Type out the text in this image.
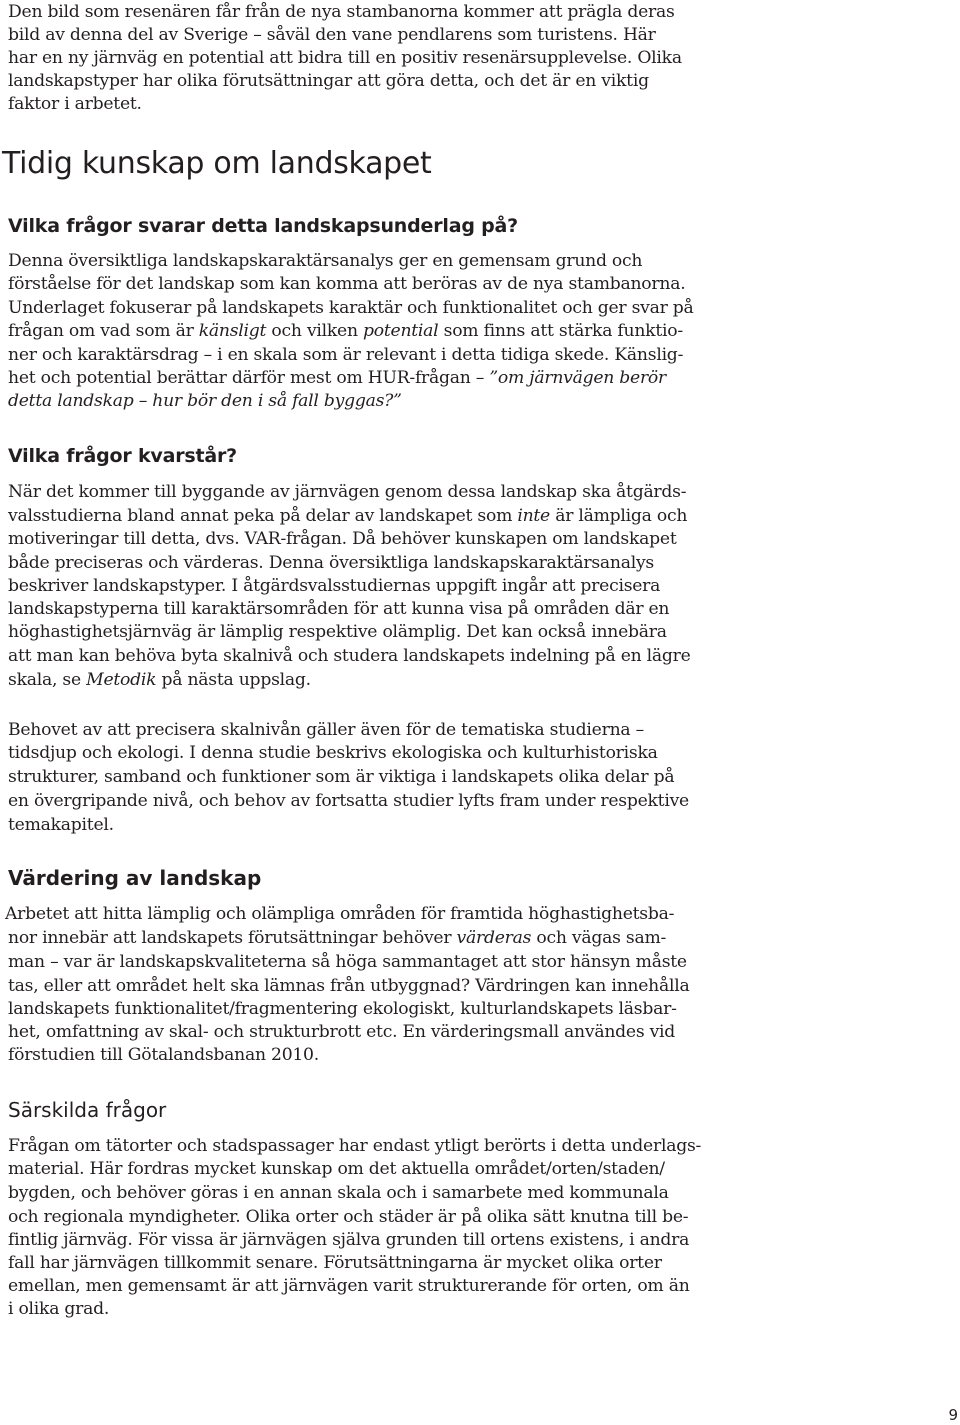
Den bild som resenären får från de nya stambanorna kommer att prägla deras
bild av denna del av Sverige – såväl den vane pendlarens som turistens. Här
har en ny järnväg en potential att bidra till en positiv resenärsupplevelse. Olika
landskapstyper har olika förutsättningar att göra detta, och det är en viktig
faktor i arbetet.
Tidig kunskap om landskapet
Vilka frågor svarar detta landskapsunderlag på?
Denna översiktliga landskapskaraktärsanalys ger en gemensam grund och
förståelse för det landskap som kan komma att beröras av de nya stambanorna.
Underlaget fokuserar på landskapets karaktär och funktionalitet och ger svar på
frågan om vad som är känsligt och vilken potential som finns att stärka funktio-
ner och karaktärsdrag – i en skala som är relevant i detta tidiga skede. Känslig-
het och potential berättar därför mest om HUR-frågan – ”om järnvägen berör
detta landskap – hur bör den i så fall byggas?”
Vilka frågor kvarstår?
När det kommer till byggande av järnvägen genom dessa landskap ska åtgärds-
valsstudierna bland annat peka på delar av landskapet som inte är lämpliga och
motiveringar till detta, dvs. VAR-frågan. Då behöver kunskapen om landskapet
både preciseras och värderas. Denna översiktliga landskapskaraktärsanalys
beskriver landskapstyper. I åtgärdsvalsstudiernas uppgift ingår att precisera
landskapstyperna till karaktärsområden för att kunna visa på områden där en
höghastighetsjärnväg är lämplig respektive olämplig. Det kan också innebära
att man kan behöva byta skalnivå och studera landskapets indelning på en lägre
skala, se Metodik på nästa uppslag.
Behovet av att precisera skalnivån gäller även för de tematiska studierna –
tidsdjup och ekologi. I denna studie beskrivs ekologiska och kulturhistoriska
strukturer, samband och funktioner som är viktiga i landskapets olika delar på
en övergripande nivå, och behov av fortsatta studier lyfts fram under respektive
temakapitel.
Värdering av landskap
Arbetet att hitta lämplig och olämpliga områden för framtida höghastighetsba-
nor innebär att landskapets förutsättningar behöver värderas och vägas sam-
man – var är landskapskvaliteterna så höga sammantaget att stor hänsyn måste
tas, eller att området helt ska lämnas från utbyggnad? Värdringen kan innehålla
landskapets funktionalitet/fragmentering ekologiskt, kulturlandskapets läsbar-
het, omfattning av skal- och strukturbrott etc. En värderingsmall användes vid
förstudien till Götalandsbanan 2010.
Särskilda frågor
Frågan om tätorter och stadspassager har endast ytligt berörts i detta underlags-
material. Här fordras mycket kunskap om det aktuella området/orten/staden/
bygden, och behöver göras i en annan skala och i samarbete med kommunala
och regionala myndigheter. Olika orter och städer är på olika sätt knutna till be-
fintlig järnväg. För vissa är järnvägen själva grunden till ortens existens, i andra
fall har järnvägen tillkommit senare. Förutsättningarna är mycket olika orter
emellan, men gemensamt är att järnvägen varit strukturerande för orten, om än
i olika grad.
9
